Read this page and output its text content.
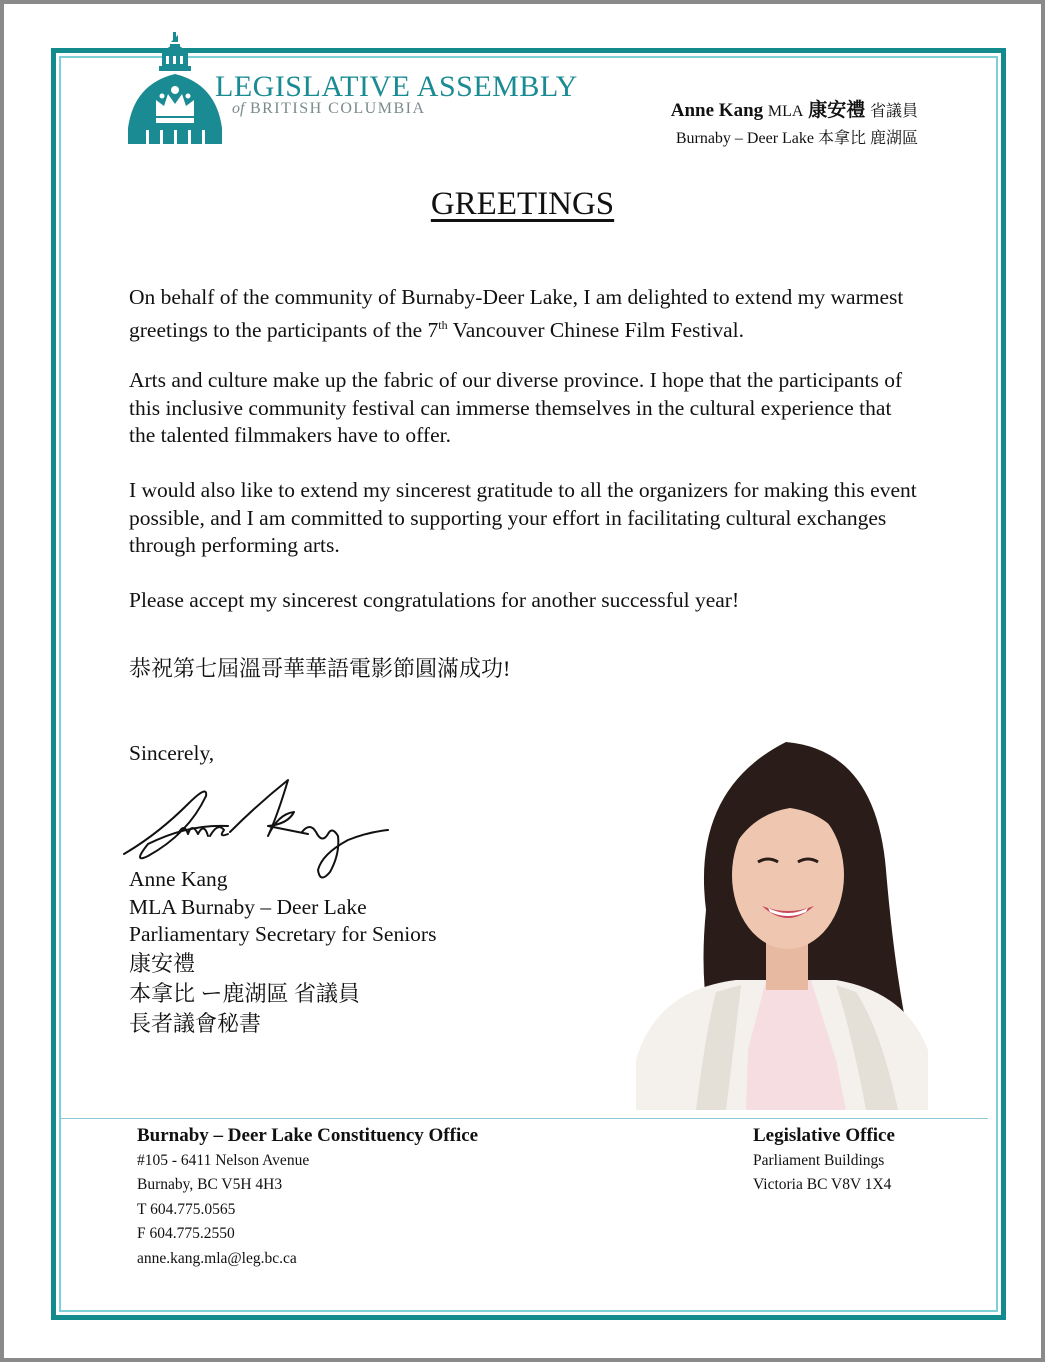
LEGISLATIVE ASSEMBLY
of BRITISH COLUMBIA	Anne Kang MLA 康安禮 省議員
Burnaby – Deer Lake 本拿比 鹿湖區
GREETINGS

On behalf of the community of Burnaby-Deer Lake, I am delighted to extend my warmest greetings to the participants of the 7th Vancouver Chinese Film Festival.

Arts and culture make up the fabric of our diverse province. I hope that the participants of this inclusive community festival can immerse themselves in the cultural experience that the talented filmmakers have to offer.

I would also like to extend my sincerest gratitude to all the organizers for making this event possible, and I am committed to supporting your effort in facilitating cultural exchanges through performing arts.

Please accept my sincerest congratulations for another successful year!

恭祝第七屆溫哥華華語電影節圓滿成功!

Sincerely,
Anne Kang
MLA Burnaby – Deer Lake
Parliamentary Secretary for Seniors
康安禮
本拿比 ー鹿湖區 省議員
長者議會秘書
Burnaby – Deer Lake Constituency Office
#105 - 6411 Nelson Avenue
Burnaby, BC V5H 4H3
T 604.775.0565
F 604.775.2550
anne.kang.mla@leg.bc.ca
Legislative Office
Parliament Buildings
Victoria BC V8V 1X4
